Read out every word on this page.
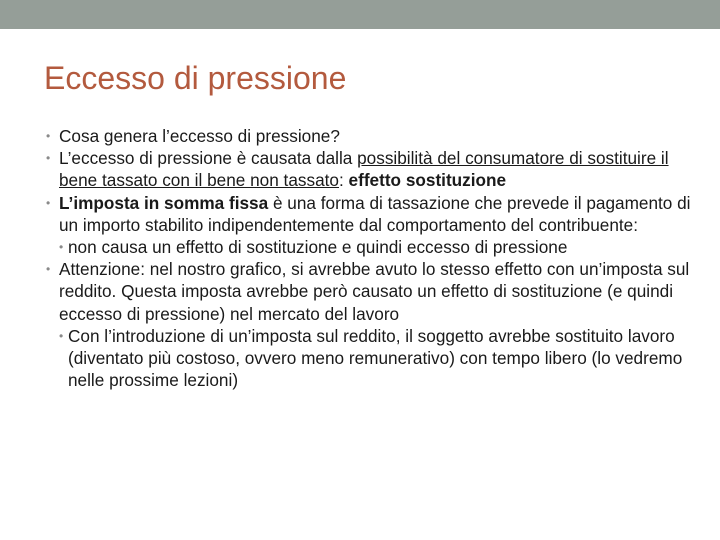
Eccesso di pressione
• Cosa genera l’eccesso di pressione?
• L’eccesso di pressione è causata dalla possibilità del consumatore di sostituire il bene tassato con il bene non tassato: effetto sostituzione
• L’imposta in somma fissa è una forma di tassazione che prevede il pagamento di un importo stabilito indipendentemente dal comportamento del contribuente:
• non causa un effetto di sostituzione e quindi eccesso di pressione
• Attenzione: nel nostro grafico, si avrebbe avuto lo stesso effetto con un’imposta sul reddito. Questa imposta avrebbe però causato un effetto di sostituzione (e quindi eccesso di pressione) nel mercato del lavoro
• Con l’introduzione di un’imposta sul reddito, il soggetto avrebbe sostituito lavoro (diventato più costoso, ovvero meno remunerativo) con tempo libero (lo vedremo nelle prossime lezioni)
